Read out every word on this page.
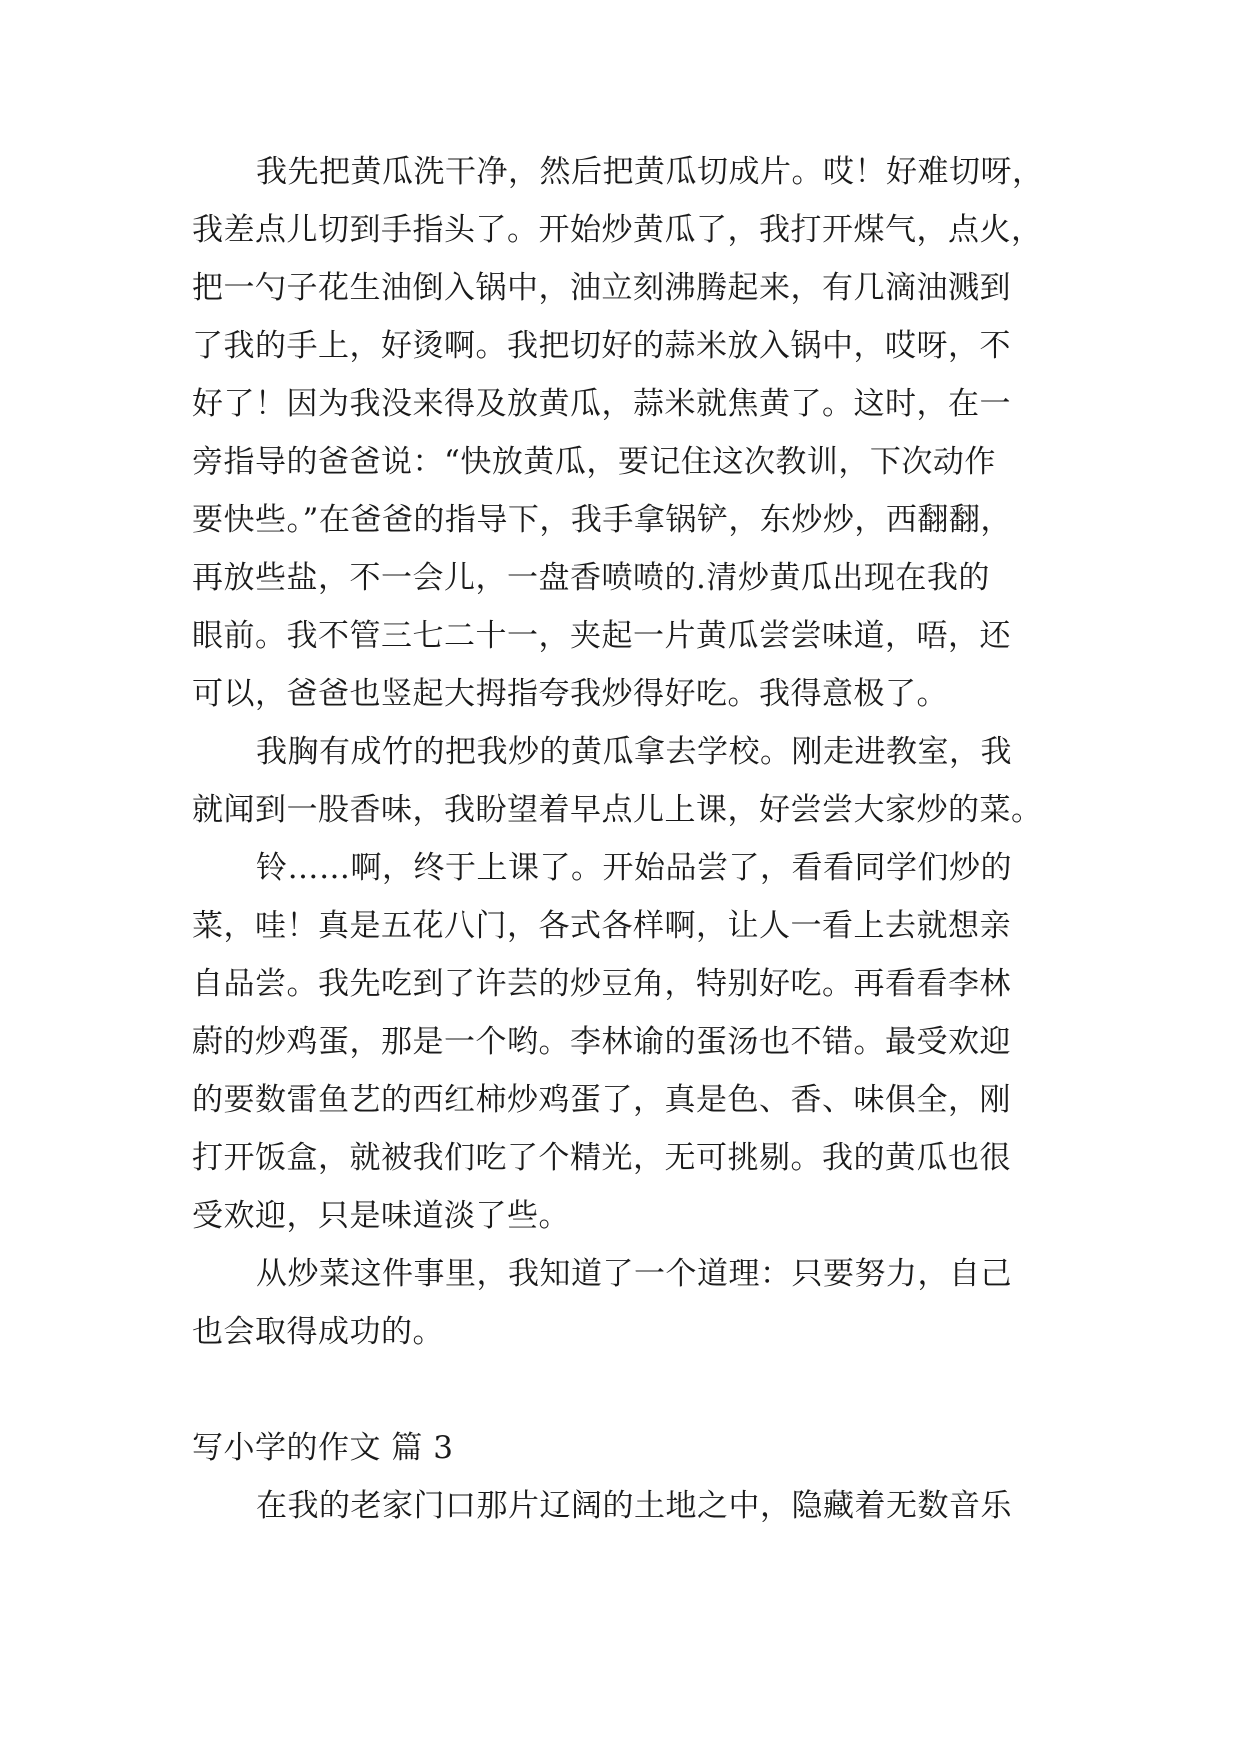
我先把黄瓜洗干净，然后把黄瓜切成片。哎！好难切呀，
我差点儿切到手指头了。开始炒黄瓜了，我打开煤气，点火，
把一勺子花生油倒入锅中，油立刻沸腾起来，有几滴油溅到
了我的手上，好烫啊。我把切好的蒜米放入锅中，哎呀，不
好了！因为我没来得及放黄瓜，蒜米就焦黄了。这时，在一
旁指导的爸爸说：“快放黄瓜，要记住这次教训，下次动作
要快些。”在爸爸的指导下，我手拿锅铲，东炒炒，西翻翻，
再放些盐，不一会儿，一盘香喷喷的.清炒黄瓜出现在我的
眼前。我不管三七二十一，夹起一片黄瓜尝尝味道，唔，还
可以，爸爸也竖起大拇指夸我炒得好吃。我得意极了。
我胸有成竹的把我炒的黄瓜拿去学校。刚走进教室，我
就闻到一股香味，我盼望着早点儿上课，好尝尝大家炒的菜。
铃……啊，终于上课了。开始品尝了，看看同学们炒的
菜，哇！真是五花八门，各式各样啊，让人一看上去就想亲
自品尝。我先吃到了许芸的炒豆角，特别好吃。再看看李林
蔚的炒鸡蛋，那是一个哟。李林谕的蛋汤也不错。最受欢迎
的要数雷鱼艺的西红柿炒鸡蛋了，真是色、香、味俱全，刚
打开饭盒，就被我们吃了个精光，无可挑剔。我的黄瓜也很
受欢迎，只是味道淡了些。
从炒菜这件事里，我知道了一个道理：只要努力，自己
也会取得成功的。
写小学的作文 篇 3
在我的老家门口那片辽阔的土地之中，隐藏着无数音乐
